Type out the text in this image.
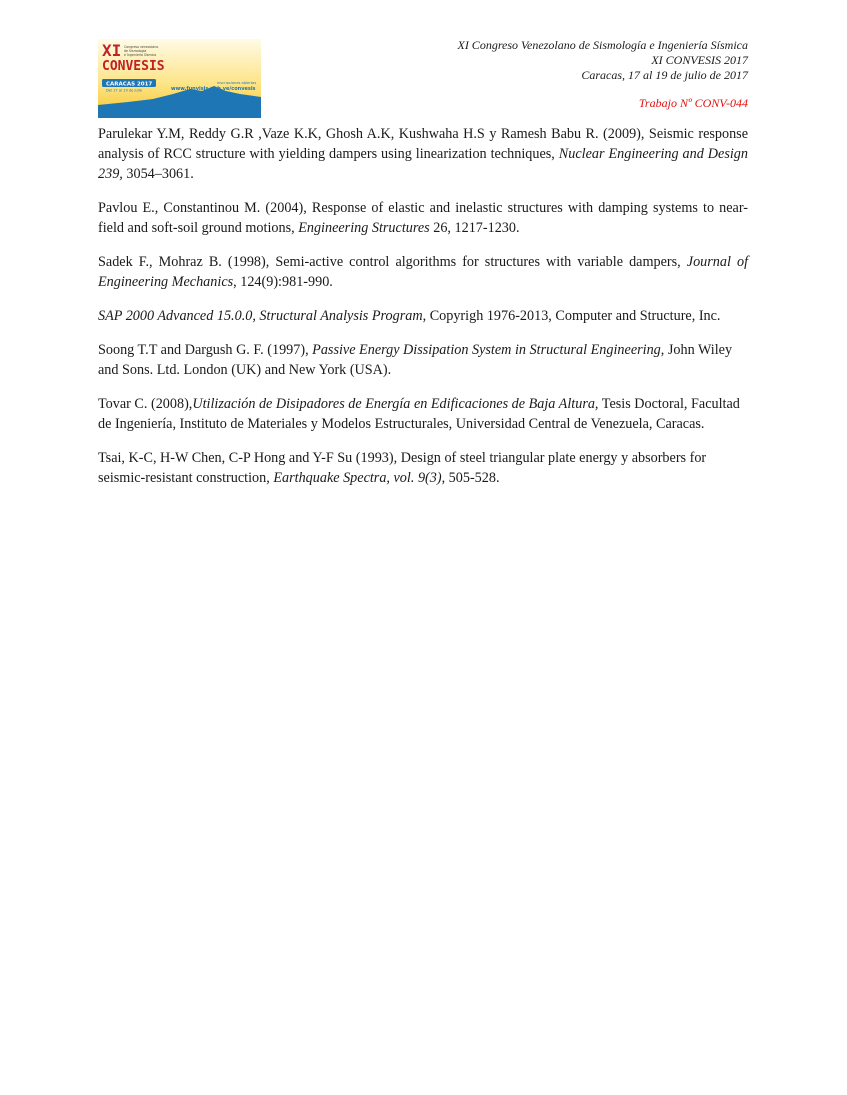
XI Congreso venezolano
de Sismología
e Ingeniería Sísmica
CONVESIS
CARACAS 2017
Del 17 al 19 de julio
inscripciones abiertas
www.funvisis.gob.ve/convesis
XI Congreso Venezolano de Sismología e Ingeniería Sísmica
XI CONVESIS 2017
Caracas, 17 al 19 de julio de 2017
Trabajo Nº CONV-044

Parulekar Y.M, Reddy G.R ,Vaze K.K, Ghosh A.K, Kushwaha H.S y Ramesh Babu R. (2009), Seismic response analysis of RCC structure with yielding dampers using linearization techniques, Nuclear Engineering and Design 239, 3054–3061.

Pavlou E., Constantinou M. (2004), Response of elastic and inelastic structures with damping systems to near-field and soft-soil ground motions, Engineering Structures 26, 1217-1230.

Sadek F., Mohraz B. (1998), Semi-active control algorithms for structures with variable dampers, Journal of Engineering Mechanics, 124(9):981-990.

SAP 2000 Advanced 15.0.0, Structural Analysis Program, Copyrigh 1976-2013, Computer and Structure, Inc.

Soong T.T and Dargush G. F. (1997), Passive Energy Dissipation System in Structural Engineering, John Wiley and Sons. Ltd. London (UK) and New York (USA).

Tovar C. (2008),Utilización de Disipadores de Energía en Edificaciones de Baja Altura, Tesis Doctoral, Facultad de Ingeniería, Instituto de Materiales y Modelos Estructurales, Universidad Central de Venezuela, Caracas.

Tsai, K-C, H-W Chen, C-P Hong and Y-F Su (1993), Design of steel triangular plate energy y absorbers for seismic-resistant construction, Earthquake Spectra, vol. 9(3), 505-528.
